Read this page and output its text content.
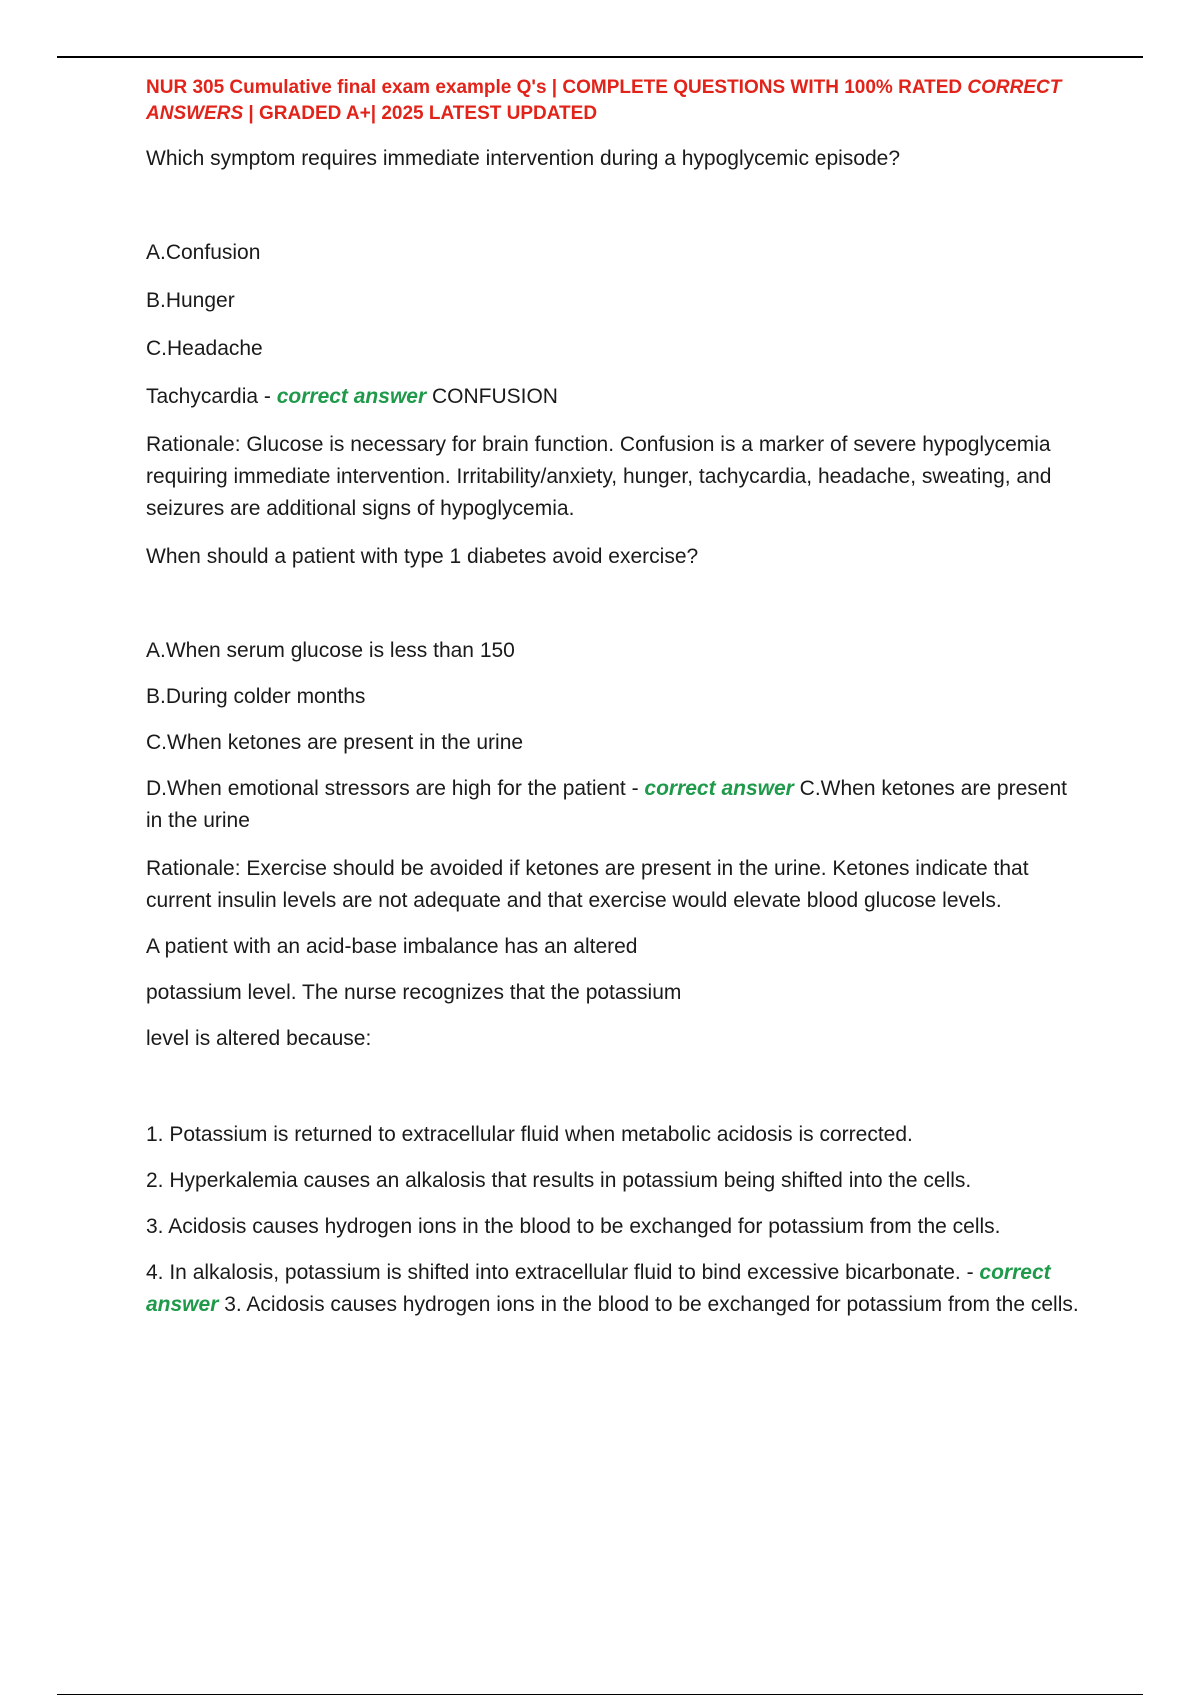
NUR 305 Cumulative final exam example Q's | COMPLETE QUESTIONS WITH 100% RATED CORRECT ANSWERS | GRADED A+| 2025 LATEST UPDATED

Which symptom requires immediate intervention during a hypoglycemic episode?

A.Confusion

B.Hunger

C.Headache

Tachycardia - correct answer CONFUSION

Rationale: Glucose is necessary for brain function. Confusion is a marker of severe hypoglycemia requiring immediate intervention. Irritability/anxiety, hunger, tachycardia, headache, sweating, and seizures are additional signs of hypoglycemia.

When should a patient with type 1 diabetes avoid exercise?

A.When serum glucose is less than 150

B.During colder months

C.When ketones are present in the urine

D.When emotional stressors are high for the patient - correct answer C.When ketones are present in the urine

Rationale: Exercise should be avoided if ketones are present in the urine. Ketones indicate that current insulin levels are not adequate and that exercise would elevate blood glucose levels.

A patient with an acid-base imbalance has an altered

potassium level. The nurse recognizes that the potassium

level is altered because:

1. Potassium is returned to extracellular fluid when metabolic acidosis is corrected.

2. Hyperkalemia causes an alkalosis that results in potassium being shifted into the cells.

3. Acidosis causes hydrogen ions in the blood to be exchanged for potassium from the cells.

4. In alkalosis, potassium is shifted into extracellular fluid to bind excessive bicarbonate. - correct answer 3. Acidosis causes hydrogen ions in the blood to be exchanged for potassium from the cells.
